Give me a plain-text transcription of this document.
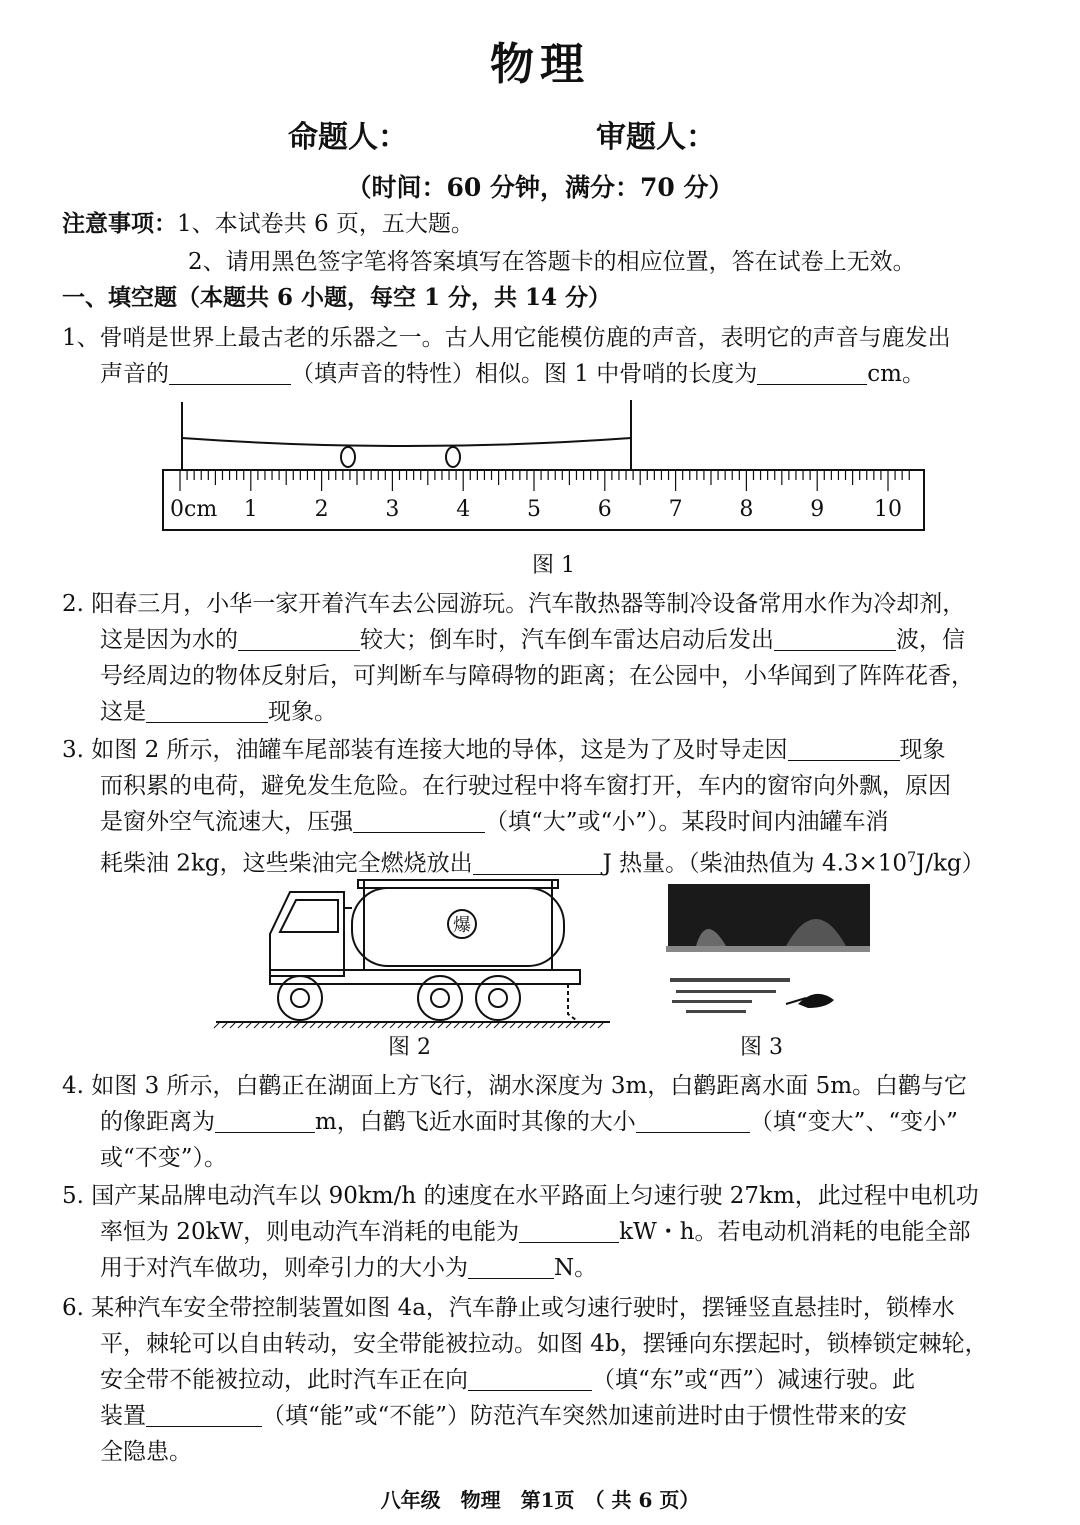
物理
命题人：	审题人：
（时间：60 分钟，满分：70 分）
注意事项：1、本试卷共 6 页，五大题。
2、请用黑色签字笔将答案填写在答题卡的相应位置，答在试卷上无效。
一、填空题（本题共 6 小题，每空 1 分，共 14 分）
1、骨哨是世界上最古老的乐器之一。古人用它能模仿鹿的声音，表明它的声音与鹿发出
声音的	（填声音的特性）相似。图 1 中骨哨的长度为	cm。
0cm 1	2	3	4	5	6	7	8	9 10
图 1
2. 阳春三月，小华一家开着汽车去公园游玩。汽车散热器等制冷设备常用水作为冷却剂，
这是因为水的	较大；倒车时，汽车倒车雷达启动后发出	波，信
号经周边的物体反射后，可判断车与障碍物的距离；在公园中，小华闻到了阵阵花香，
这是	现象。
3. 如图 2 所示，油罐车尾部装有连接大地的导体，这是为了及时导走因	现象
而积累的电荷，避免发生危险。在行驶过程中将车窗打开，车内的窗帘向外飘，原因
是窗外空气流速大，压强	（填“大”或“小”）。某段时间内油罐车消
耗柴油 2kg，这些柴油完全燃烧放出	J 热量。（柴油热值为 $4.3\times 10^7J/kg$）
爆
图 2	图 3
4. 如图 3 所示，白鹳正在湖面上方飞行，湖水深度为 3m，白鹳距离水面 5m。白鹳与它
的像距离为	m，白鹳飞近水面时其像的大小	（填“变大”、“变小”
或“不变”）。
5. 国产某品牌电动汽车以 90km/h 的速度在水平路面上匀速行驶 27km，此过程中电机功
率恒为 20kW，则电动汽车消耗的电能为	kW・h。若电动机消耗的电能全部
用于对汽车做功，则牵引力的大小为	N。
6. 某种汽车安全带控制装置如图 4a，汽车静止或匀速行驶时，摆锤竖直悬挂时，锁棒水
平，棘轮可以自由转动，安全带能被拉动。如图 4b，摆锤向东摆起时，锁棒锁定棘轮，
安全带不能被拉动，此时汽车正在向	（填“东”或“西”）减速行驶。此
装置	（填“能”或“不能”）防范汽车突然加速前进时由于惯性带来的安
全隐患。
八年级　物理　第1页　（ 共 6 页）
